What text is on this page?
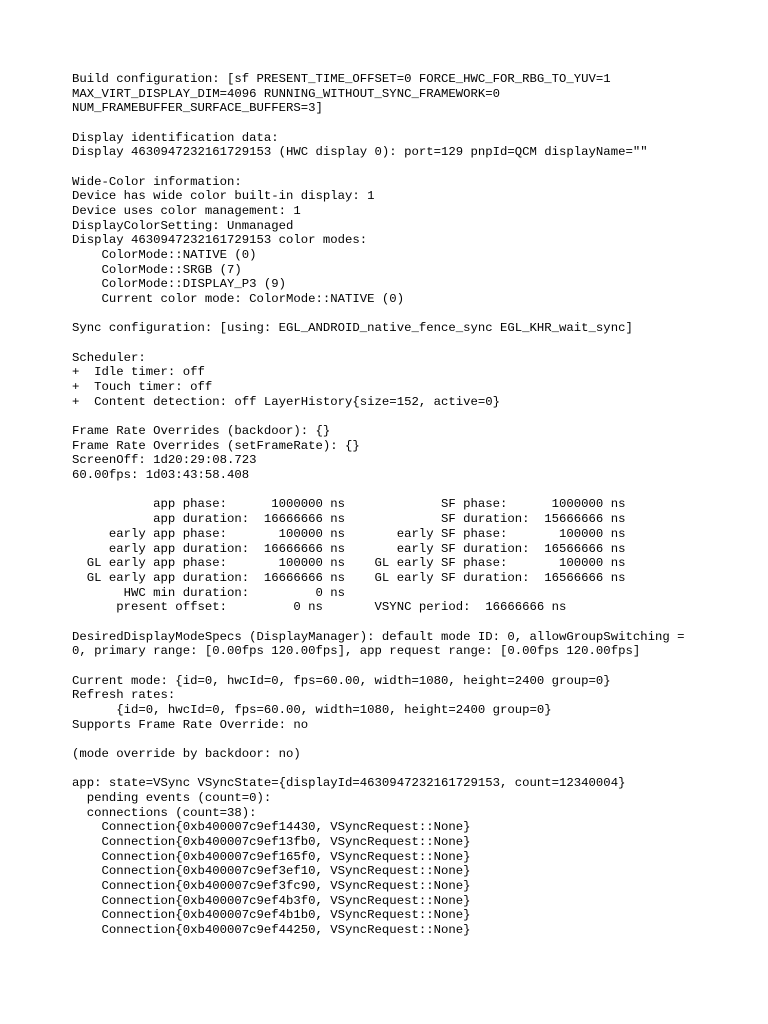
Build configuration: [sf PRESENT_TIME_OFFSET=0 FORCE_HWC_FOR_RBG_TO_YUV=1
MAX_VIRT_DISPLAY_DIM=4096 RUNNING_WITHOUT_SYNC_FRAMEWORK=0
NUM_FRAMEBUFFER_SURFACE_BUFFERS=3]
Display identification data:
Display 4630947232161729153 (HWC display 0): port=129 pnpId=QCM displayName=""
Wide-Color information:
Device has wide color built-in display: 1
Device uses color management: 1
DisplayColorSetting: Unmanaged
Display 4630947232161729153 color modes:
ColorMode::NATIVE (0)
ColorMode::SRGB (7)
ColorMode::DISPLAY_P3 (9)
Current color mode: ColorMode::NATIVE (0)
Sync configuration: [using: EGL_ANDROID_native_fence_sync EGL_KHR_wait_sync]
Scheduler:
+  Idle timer: off
+  Touch timer: off
+  Content detection: off LayerHistory{size=152, active=0}
Frame Rate Overrides (backdoor): {}
Frame Rate Overrides (setFrameRate): {}
ScreenOff: 1d20:29:08.723
60.00fps: 1d03:43:58.408
app phase:      1000000 ns             SF phase:      1000000 ns
app duration:  16666666 ns             SF duration:  15666666 ns
early app phase:       100000 ns       early SF phase:       100000 ns
early app duration:  16666666 ns       early SF duration:  16566666 ns
GL early app phase:       100000 ns    GL early SF phase:       100000 ns
GL early app duration:  16666666 ns    GL early SF duration:  16566666 ns
HWC min duration:         0 ns
present offset:         0 ns       VSYNC period:  16666666 ns
DesiredDisplayModeSpecs (DisplayManager): default mode ID: 0, allowGroupSwitching =
0, primary range: [0.00fps 120.00fps], app request range: [0.00fps 120.00fps]
Current mode: {id=0, hwcId=0, fps=60.00, width=1080, height=2400 group=0}
Refresh rates:
{id=0, hwcId=0, fps=60.00, width=1080, height=2400 group=0}
Supports Frame Rate Override: no
(mode override by backdoor: no)
app: state=VSync VSyncState={displayId=4630947232161729153, count=12340004}
pending events (count=0):
connections (count=38):
Connection{0xb400007c9ef14430, VSyncRequest::None}
Connection{0xb400007c9ef13fb0, VSyncRequest::None}
Connection{0xb400007c9ef165f0, VSyncRequest::None}
Connection{0xb400007c9ef3ef10, VSyncRequest::None}
Connection{0xb400007c9ef3fc90, VSyncRequest::None}
Connection{0xb400007c9ef4b3f0, VSyncRequest::None}
Connection{0xb400007c9ef4b1b0, VSyncRequest::None}
Connection{0xb400007c9ef44250, VSyncRequest::None}
